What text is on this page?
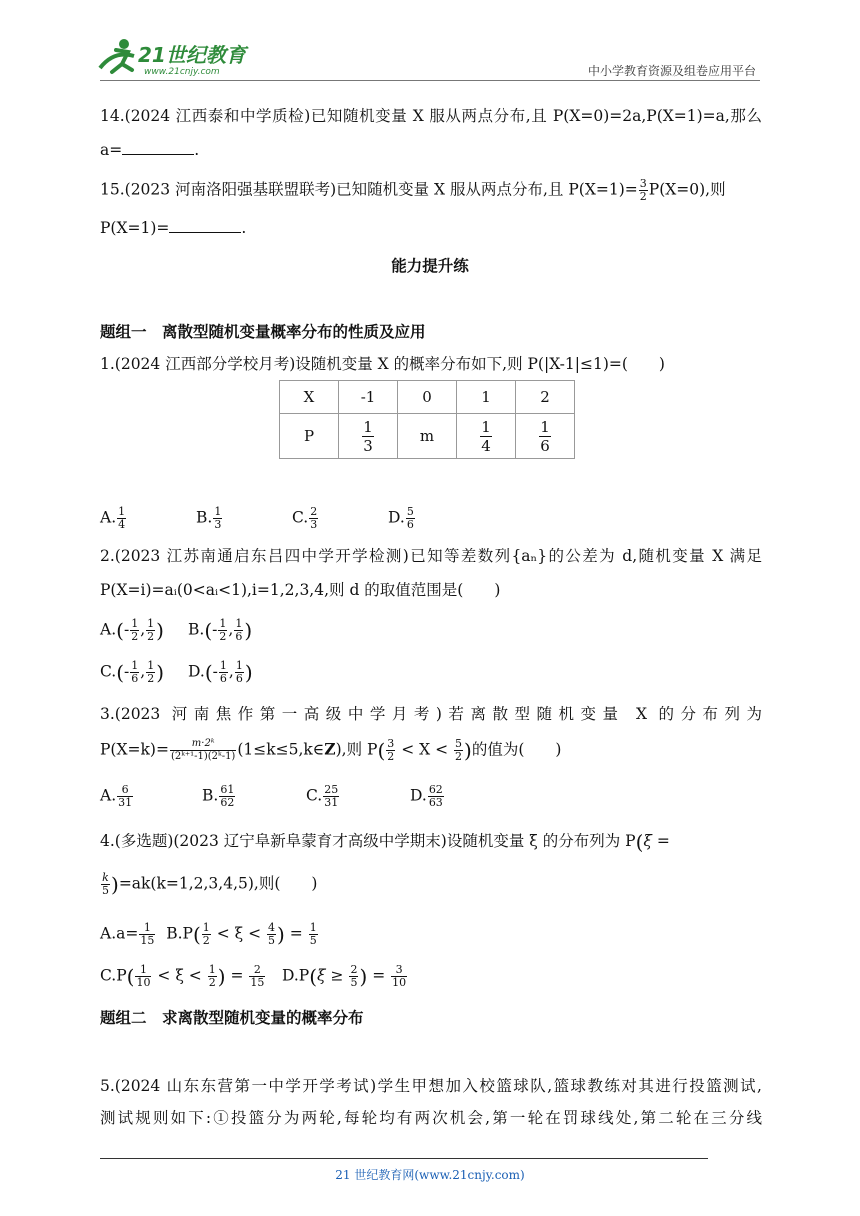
21世纪教育
www.21cnjy.com	中小学教育资源及组卷应用平台
14.(2024 江西泰和中学质检)已知随机变量 X 服从两点分布,且 P(X=0)=2a,P(X=1)=a,那么
a=	.
15.(2023 河南洛阳强基联盟联考)已知随机变量 X 服从两点分布,且 $P(X=1)= \frac{3}{2} P(X=0)$,则
P(X=1)=	.
能力提升练
题组一　离散型随机变量概率分布的性质及应用
1.(2024 江西部分学校月考)设随机变量 X 的概率分布如下,则 P(|X-1|≤1)=(　　)
X	-1	0	1	2
P	$\frac{1}{3}$	m	$\frac{1}{4}$	$\frac{1}{6}$
A. $\frac{1}{4}$	B. $\frac{1}{3}$	C. $\frac{2}{3}$	D. $\frac{5}{6}$
2.(2023 江苏南通启东吕四中学开学检测)已知等差数列{aₙ}的公差为 d,随机变量 X 满足
P(X=i)=aᵢ(0<aᵢ<1),i=1,2,3,4,则 d 的取值范围是(　　)
$A.(- \frac{1}{2}$ , $\frac{1}{2}$ ) $B.(- \frac{1}{2}$ , $\frac{1}{6}$ )
$C.(- \frac{1}{6}$ , $\frac{1}{2}$ ) $D.(- \frac{1}{6}$ , $\frac{1}{6}$ )
3.(2023 河南焦作第一高级中学月考)若离散型随机变量 X 的分布列为
$P(X=k)= \frac{\text{m·2ᵏ}}{\text{(2ᵏ⁺¹-1)(2ᵏ-1)}}$ (1≤k≤5,k∈Z),则 $P( \frac{3}{2} < X < \frac{5}{2}$ )的值为(　　)
A. $\frac{6}{31}$	B. $\frac{61}{62}$	C. $\frac{25}{31}$	D. $\frac{62}{63}$
4.(多选题)(2023 辽宁阜新阜蒙育才高级中学期末)设随机变量 ξ 的分布列为 P(ξ =
$\frac{k}{5} )=ak(k=1,2,3,4,5)$,则(　　)
$A.a= \frac{1}{15} B.P( \frac{1}{2} < \xi < \frac{4}{5}$ ) = $\frac{1}{5}$
$C.P( \frac{1}{10} < \xi < \frac{1}{2}$ ) = $\frac{2}{15} D.P(\xi \ge \frac{2}{5}$ ) = $\frac{3}{10}$
题组二　求离散型随机变量的概率分布
5.(2024 山东东营第一中学开学考试)学生甲想加入校篮球队,篮球教练对其进行投篮测试,
测试规则如下:①投篮分为两轮,每轮均有两次机会,第一轮在罚球线处,第二轮在三分线
21 世纪教育网(www.21cnjy.com)
